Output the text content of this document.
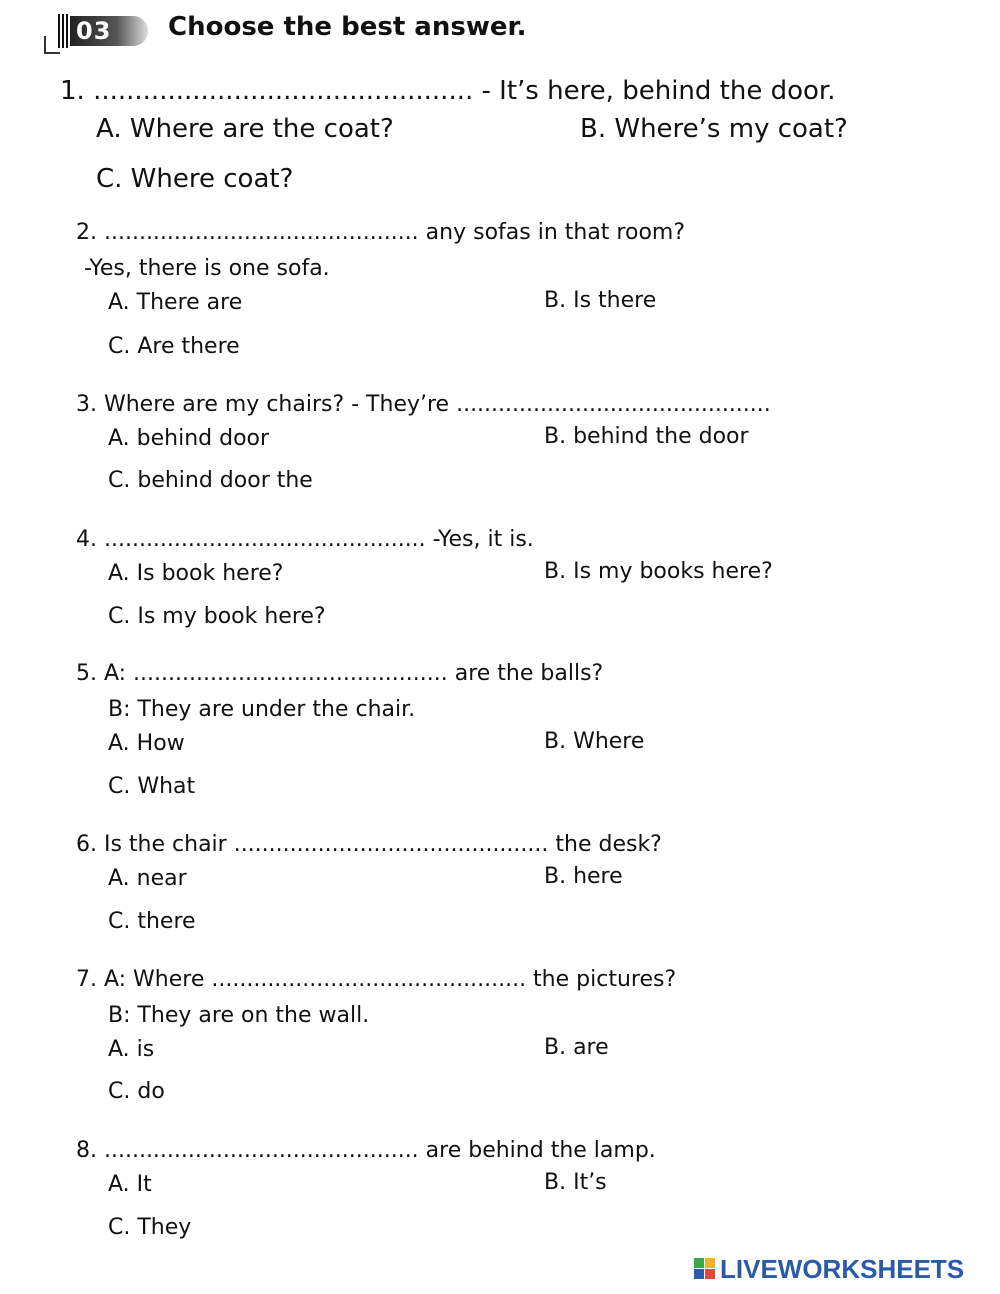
03 Choose the best answer.
1. .............................................. - It’s here, behind the door.
A. Where are the coat?	B. Where’s my coat?
C. Where coat?
2. ............................................. any sofas in that room?
-Yes, there is one sofa.
A. There are	B. Is there
C. Are there
3. Where are my chairs? - They’re .............................................
A. behind door	B. behind the door
C. behind door the
4. .............................................. -Yes, it is.
A. Is book here?	B. Is my books here?
C. Is my book here?
5. A: ............................................. are the balls?
B: They are under the chair.
A. How	B. Where
C. What
6. Is the chair ............................................. the desk?
A. near	B. here
C. there
7. A: Where ............................................. the pictures?
B: They are on the wall.
A. is	B. are
C. do
8. ............................................. are behind the lamp.
A. It	B. It’s
C. They
LIVEWORKSHEETS
